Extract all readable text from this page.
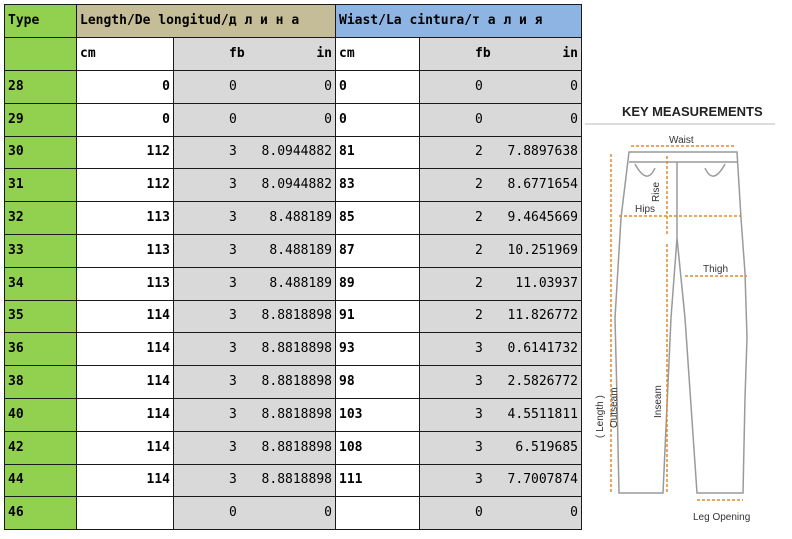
Type	Length/De longitud/д л и н а		Wiast/La cintura/т а л и я	
	cm	fb in	cm	fb in

28	0	0 0	0	0 0

29	0	0 0	0	0 0

30	112	3 8.0944882	81	2 7.8897638

31	112	3 8.0944882	83	2 8.6771654

32	113	3 8.488189	85	2 9.4645669

33	113	3 8.488189	87	2 10.251969

34	113	3 8.488189	89	2 11.03937

35	114	3 8.8818898	91	2 11.826772

36	114	3 8.8818898	93	3 0.6141732

38	114	3 8.8818898	98	3 2.5826772

40	114	3 8.8818898	103	3 4.5511811

42	114	3 8.8818898	108	3 6.519685

44	114	3 8.8818898	111	3 7.7007874

46		0 0		0 0
KEY MEASUREMENTS
Waist
Rise
Hips
Thigh
( Length ) Outseam	Inseam
Leg Opening
